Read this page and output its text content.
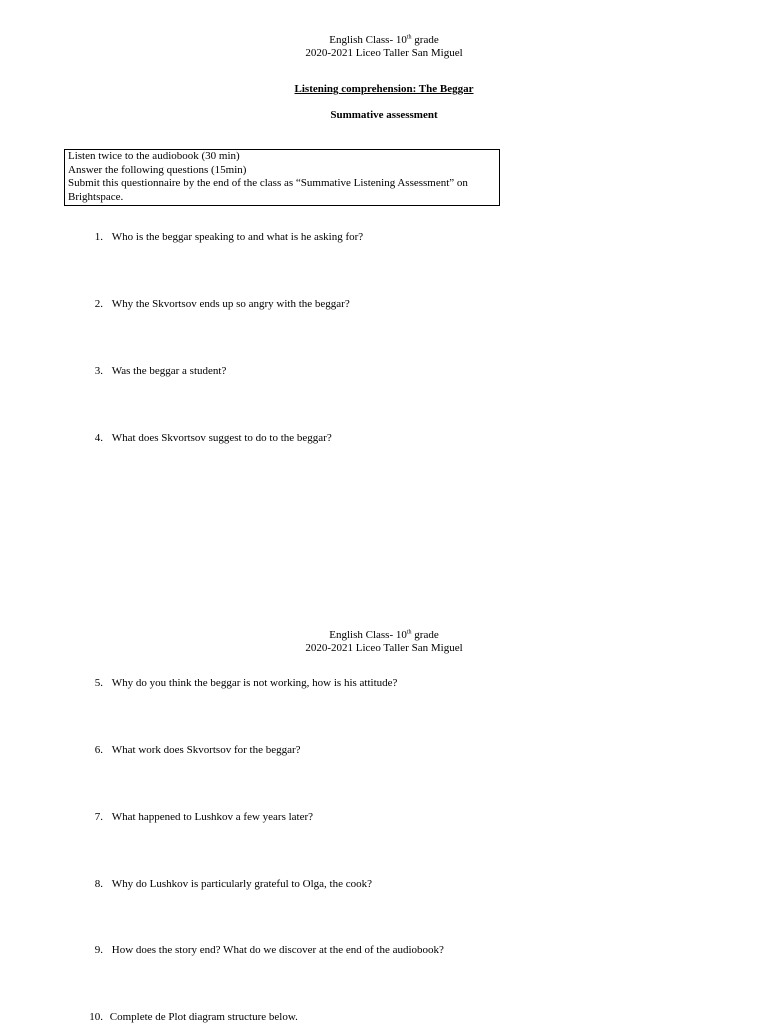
English Class- 10th grade
2020-2021 Liceo Taller San Miguel
Listening comprehension: The Beggar
Summative assessment
Listen twice to the audiobook (30 min)
Answer the following questions (15min)
Submit this questionnaire by the end of the class as “Summative Listening Assessment” on
Brightspace.
1. Who is the beggar speaking to and what is he asking for?
2. Why the Skvortsov ends up so angry with the beggar?
3. Was the beggar a student?
4. What does Skvortsov suggest to do to the beggar?
English Class- 10th grade
2020-2021 Liceo Taller San Miguel
5. Why do you think the beggar is not working, how is his attitude?
6. What work does Skvortsov for the beggar?
7. What happened to Lushkov a few years later?
8. Why do Lushkov is particularly grateful to Olga, the cook?
9. How does the story end? What do we discover at the end of the audiobook?
10. Complete de Plot diagram structure below.
